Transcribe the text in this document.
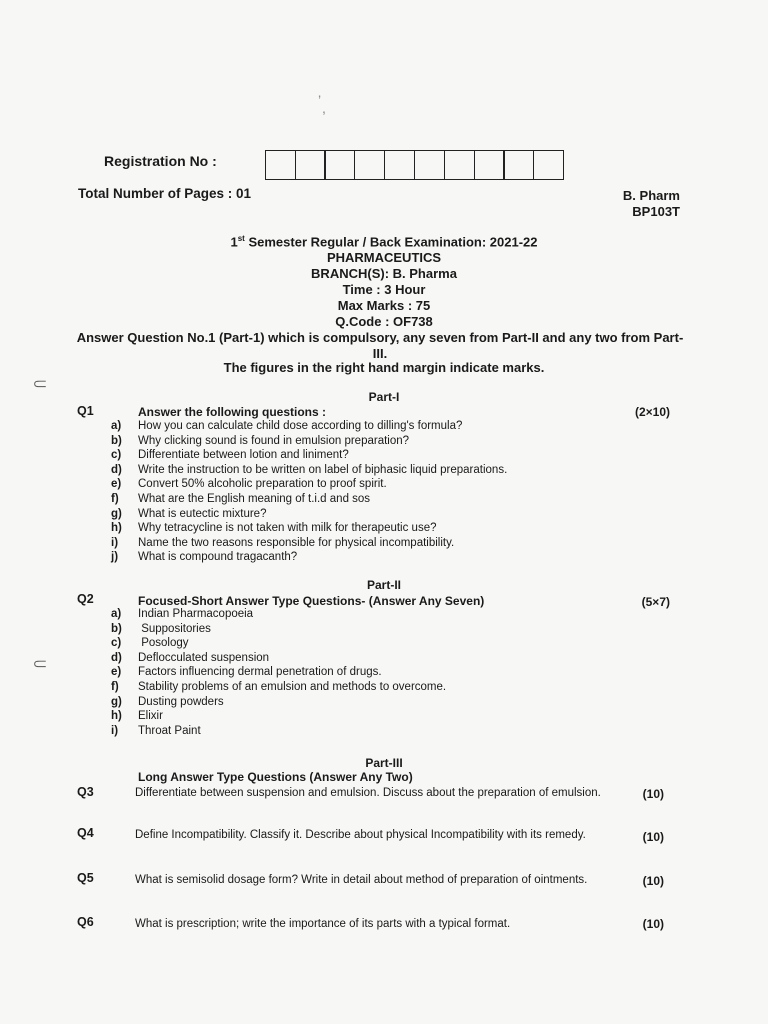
’ ,
⸦
⸦
Registration No :
Total Number of Pages : 01	B. Pharm
BP103T
1st Semester Regular / Back Examination: 2021-22
PHARMACEUTICS
BRANCH(S): B. Pharma
Time : 3 Hour
Max Marks : 75
Q.Code : OF738
Answer Question No.1 (Part-1) which is compulsory, any seven from Part-II and any two from Part-III.
The figures in the right hand margin indicate marks.
Part-I
Q1	Answer the following questions :	(2×10)
a)	How you can calculate child dose according to dilling's formula?
b)	Why clicking sound is found in emulsion preparation?
c)	Differentiate between lotion and liniment?
d)	Write the instruction to be written on label of biphasic liquid preparations.
e)	Convert 50% alcoholic preparation to proof spirit.
f)	What are the English meaning of t.i.d and sos
g)	What is eutectic mixture?
h)	Why tetracycline is not taken with milk for therapeutic use?
i)	Name the two reasons responsible for physical incompatibility.
j)	What is compound tragacanth?
Part-II
Q2	Focused-Short Answer Type Questions- (Answer Any Seven)	(5×7)
a)	Indian Pharmacopoeia
b)	Suppositories
c)	Posology
d)	Deflocculated suspension
e)	Factors influencing dermal penetration of drugs.
f)	Stability problems of an emulsion and methods to overcome.
g)	Dusting powders
h)	Elixir
i)	Throat Paint
Part-III
Long Answer Type Questions (Answer Any Two)
Q3	Differentiate between suspension and emulsion. Discuss about the preparation of emulsion.	(10)
Q4	Define Incompatibility. Classify it. Describe about physical Incompatibility with its remedy.	(10)
Q5	What is semisolid dosage form? Write in detail about method of preparation of ointments.	(10)
Q6	What is prescription; write the importance of its parts with a typical format.	(10)
